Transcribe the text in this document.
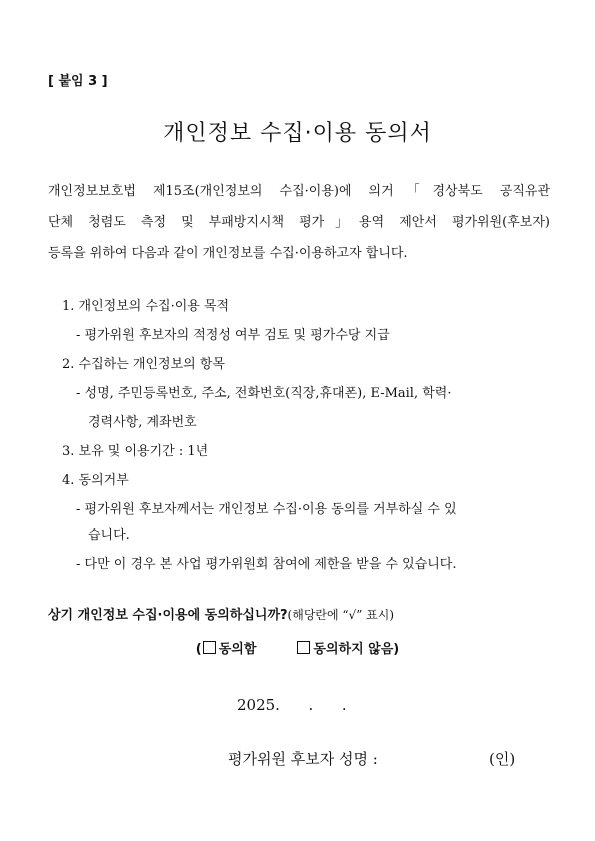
[ 붙임 3 ]
개인정보 수집·이용 동의서
개인정보보호법 제15조(개인정보의 수집·이용)에 의거「경상북도 공직유관
단체 청렴도 측정 및 부패방지시책 평가」용역 제안서 평가위원(후보자)
등록을 위하여 다음과 같이 개인정보를 수집·이용하고자 합니다.
1. 개인정보의 수집·이용 목적
- 평가위원 후보자의 적정성 여부 검토 및 평가수당 지급
2. 수집하는 개인정보의 항목
- 성명, 주민등록번호, 주소, 전화번호(직장,휴대폰), E-Mail, 학력·
경력사항, 계좌번호
3. 보유 및 이용기간 : 1년
4. 동의거부
- 평가위원 후보자께서는 개인정보 수집·이용 동의를 거부하실 수 있
습니다.
- 다만 이 경우 본 사업 평가위원회 참여에 제한을 받을 수 있습니다.
상기 개인정보 수집·이용에 동의하십니까?(해당란에 “√” 표시)
( 동의함	동의하지 않음)
2025.      .      .
평가위원 후보자 성명 :	(인)
